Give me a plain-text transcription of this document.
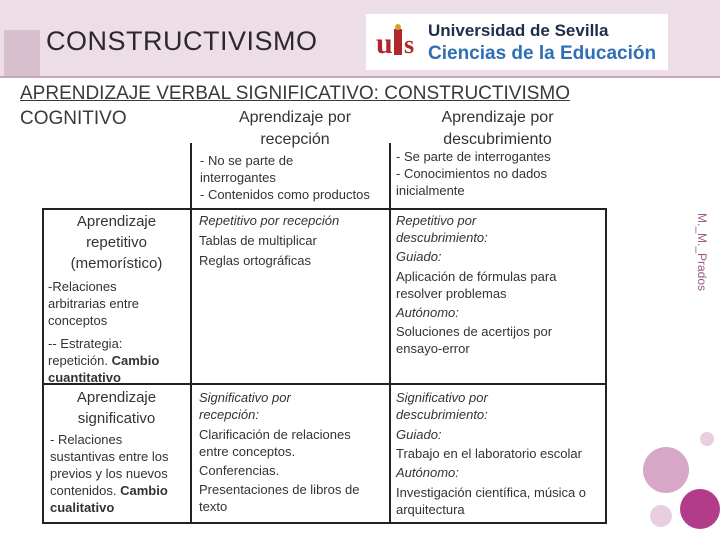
CONSTRUCTIVISMO u s Universidad de Sevilla
Ciencias de la Educación
APRENDIZAJE VERBAL SIGNIFICATIVO: CONSTRUCTIVISMO
COGNITIVO	Aprendizaje por
recepción
Aprendizaje por
descubrimiento
- No se parte de
interrogantes
- Contenidos como productos
- Se parte de interrogantes
- Conocimientos no dados
inicialmente
Aprendizaje
repetitivo
(memorístico)
-Relaciones
arbitrarias entre
conceptos
-- Estrategia:
repetición. Cambio
cuantitativo
Repetitivo por recepción
Tablas de multiplicar
Reglas ortográficas
Repetitivo por
descubrimiento:
Guiado:
Aplicación de fórmulas para
resolver problemas
Autónomo:
Soluciones de acertijos por
ensayo-error
Aprendizaje
significativo
- Relaciones
sustantivas entre los
previos y los nuevos
contenidos. Cambio
cualitativo
Significativo por
recepción:
Clarificación de relaciones
entre conceptos.
Conferencias.
Presentaciones de libros de
texto
Significativo por
descubrimiento:
Guiado:
Trabajo en el laboratorio escolar
Autónomo:
Investigación científica, música o
arquitectura
M._M._Prados
